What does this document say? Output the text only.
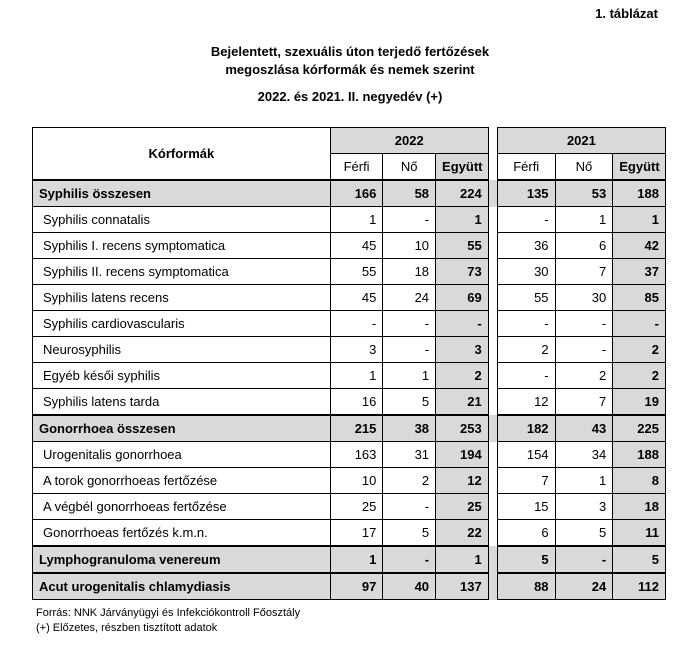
1. táblázat
Bejelentett, szexuális úton terjedő fertőzések
megoszlása kórformák és nemek szerint
2022. és 2021. II. negyedév (+)
Kórformák	2022				2021		
	Férfi	Nő	Együtt		Férfi	Nő	Együtt
Syphilis összesen	166	58	224		135	53	188
Syphilis connatalis	1	-	1		-	1	1
Syphilis I. recens symptomatica	45	10	55		36	6	42
Syphilis II. recens symptomatica	55	18	73		30	7	37
Syphilis latens recens	45	24	69		55	30	85
Syphilis cardiovascularis	-	-	-		-	-	-
Neurosyphilis	3	-	3		2	-	2
Egyéb késői syphilis	1	1	2		-	2	2
Syphilis latens tarda	16	5	21		12	7	19
Gonorrhoea összesen	215	38	253		182	43	225
Urogenitalis gonorrhoea	163	31	194		154	34	188
A torok gonorrhoeas fertőzése	10	2	12		7	1	8
A végbél gonorrhoeas fertőzése	25	-	25		15	3	18
Gonorrhoeas fertőzés k.m.n.	17	5	22		6	5	11
Lymphogranuloma venereum	1	-	1		5	-	5
Acut urogenitalis chlamydiasis	97	40	137		88	24	112
Forrás: NNK Járványügyi és Infekciókontroll Főosztály
(+) Előzetes, részben tisztított adatok
